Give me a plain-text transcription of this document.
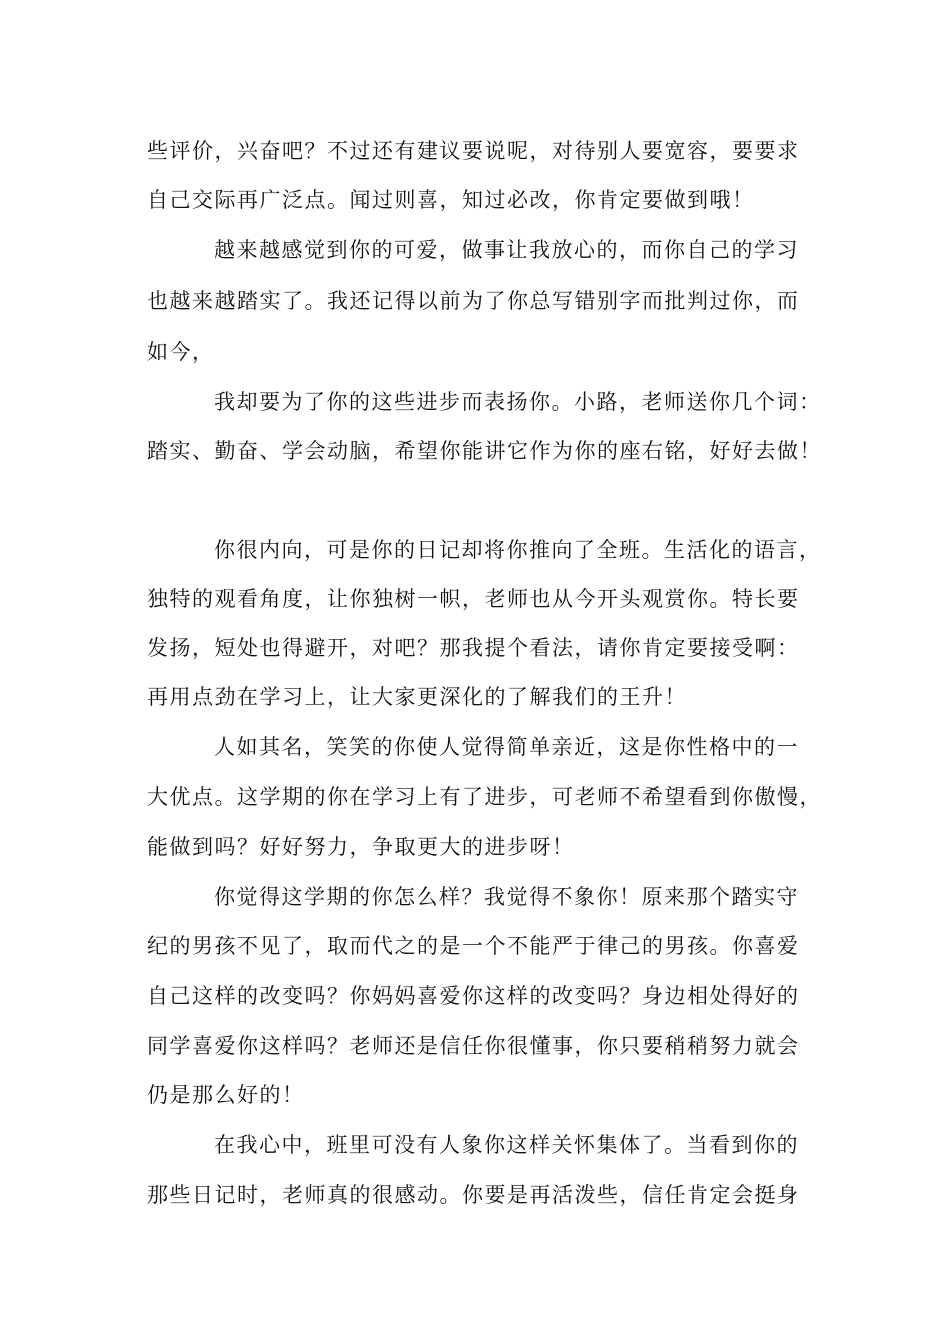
些评价，兴奋吧？不过还有建议要说呢，对待别人要宽容，要要求
自己交际再广泛点。闻过则喜，知过必改，你肯定要做到哦！
越来越感觉到你的可爱，做事让我放心的，而你自己的学习
也越来越踏实了。我还记得以前为了你总写错别字而批判过你，而
如今，
我却要为了你的这些进步而表扬你。小路，老师送你几个词：
踏实、勤奋、学会动脑，希望你能讲它作为你的座右铭，好好去做！
你很内向，可是你的日记却将你推向了全班。生活化的语言，
独特的观看角度，让你独树一帜，老师也从今开头观赏你。特长要
发扬，短处也得避开，对吧？那我提个看法，请你肯定要接受啊：
再用点劲在学习上，让大家更深化的了解我们的王升！
人如其名，笑笑的你使人觉得简单亲近，这是你性格中的一
大优点。这学期的你在学习上有了进步，可老师不希望看到你傲慢，
能做到吗？好好努力，争取更大的进步呀！
你觉得这学期的你怎么样？我觉得不象你！原来那个踏实守
纪的男孩不见了，取而代之的是一个不能严于律己的男孩。你喜爱
自己这样的改变吗？你妈妈喜爱你这样的改变吗？身边相处得好的
同学喜爱你这样吗？老师还是信任你很懂事，你只要稍稍努力就会
仍是那么好的！
在我心中，班里可没有人象你这样关怀集体了。当看到你的
那些日记时，老师真的很感动。你要是再活泼些，信任肯定会挺身
